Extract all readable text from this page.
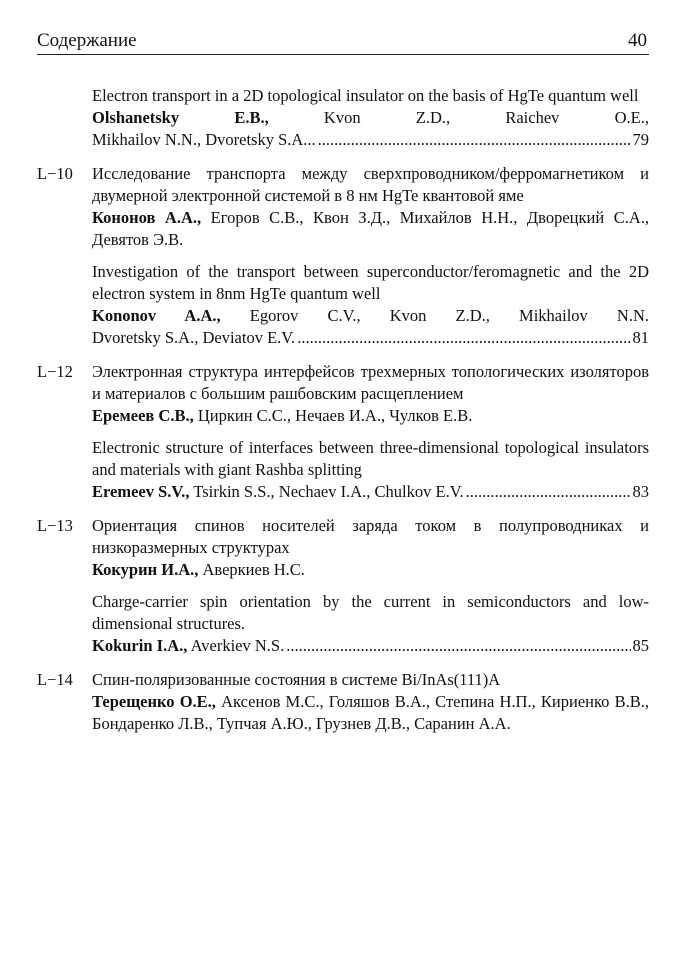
Содержание	40
Electron transport in a 2D topological insulator on the basis of HgTe quantum well
Olshanetsky E.B., Kvon Z.D., Raichev O.E.,
Mikhailov N.N., Dvoretsky S.A... .....	79
L−10 Исследование транспорта между сверхпроводником/ферромагнетиком и двумерной электронной системой в 8 нм HgTe квантовой яме
Кононов А.А., Егоров С.В., Квон З.Д., Михайлов Н.Н., Дворецкий С.А., Девятов Э.В.
Investigation of the transport between superconductor/feromagnetic and the 2D electron system in 8nm HgTe quantum well
Kononov A.A., Egorov C.V., Kvon Z.D., Mikhailov N.N.
Dvoretsky S.A., Deviatov E.V. .....	81
L−12 Электронная структура интерфейсов трехмерных топологических изоляторов и материалов с большим рашбовским расщеплением
Еремеев С.В., Циркин С.С., Нечаев И.А., Чулков Е.В.
Electronic structure of interfaces between three-dimensional topological insulators and materials with giant Rashba splitting
Eremeev S.V., Tsirkin S.S., Nechaev I.A., Chulkov E.V. .....	83
L−13 Ориентация спинов носителей заряда током в полупроводниках и низкоразмерных структурах
Кокурин И.А., Аверкиев Н.С.
Charge-carrier spin orientation by the current in semiconductors and low-dimensional structures.
Kokurin I.A., Averkiev N.S. .....	85
L−14 Спин-поляризованные состояния в системе Bi/InAs(111)A
Терещенко О.Е., Аксенов М.С., Голяшов В.А., Степина Н.П., Кириенко В.В., Бондаренко Л.В., Тупчая А.Ю., Грузнев Д.В., Саранин А.А.
